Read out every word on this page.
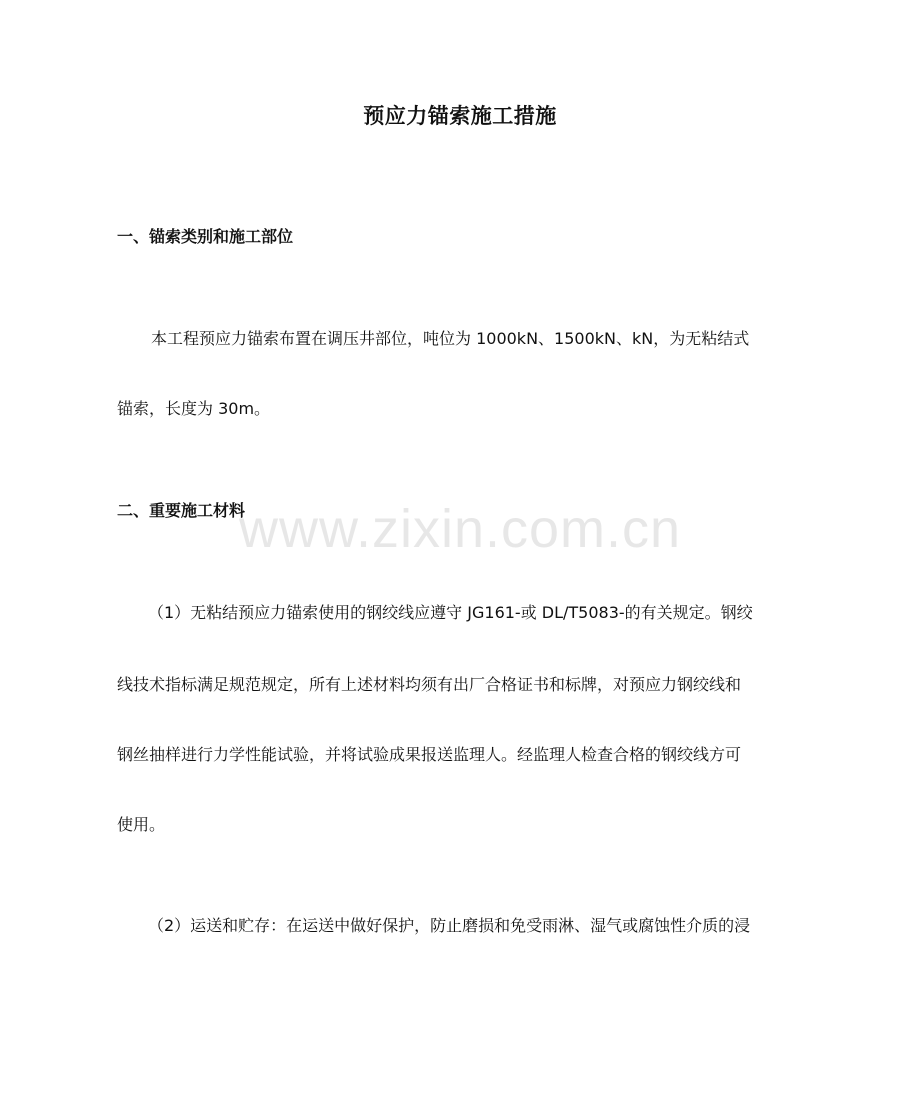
预应力锚索施工措施
一、锚索类别和施工部位
本工程预应力锚索布置在调压井部位，吨位为 1000kN、1500kN、kN，为无粘结式
锚索，长度为 30m。
二、重要施工材料
（1）无粘结预应力锚索使用的钢绞线应遵守 JG161-或 DL/T5083-的有关规定。钢绞
线技术指标满足规范规定，所有上述材料均须有出厂合格证书和标牌，对预应力钢绞线和
钢丝抽样进行力学性能试验，并将试验成果报送监理人。经监理人检查合格的钢绞线方可
使用。
（2）运送和贮存：在运送中做好保护，防止磨损和免受雨淋、湿气或腐蚀性介质的浸
www.zixin.com.cn
